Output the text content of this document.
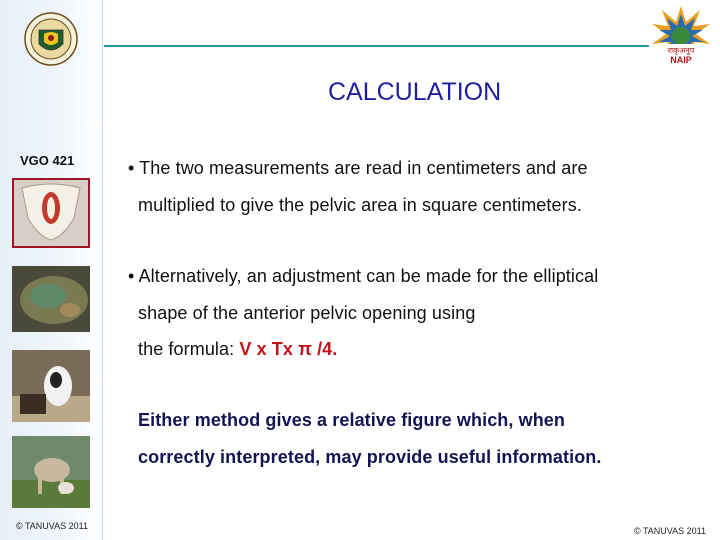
VGO 421
© TANUVAS 2011
राकृअनुप
NAIP
CALCULATION
• The two measurements are read in centimeters and are
multiplied to give the pelvic area in square centimeters.
• Alternatively, an adjustment can be made for the elliptical
shape of the anterior pelvic opening using
the formula: V x Tx π /4.
Either method gives a relative figure which, when
correctly interpreted, may provide useful information.
© TANUVAS 2011
